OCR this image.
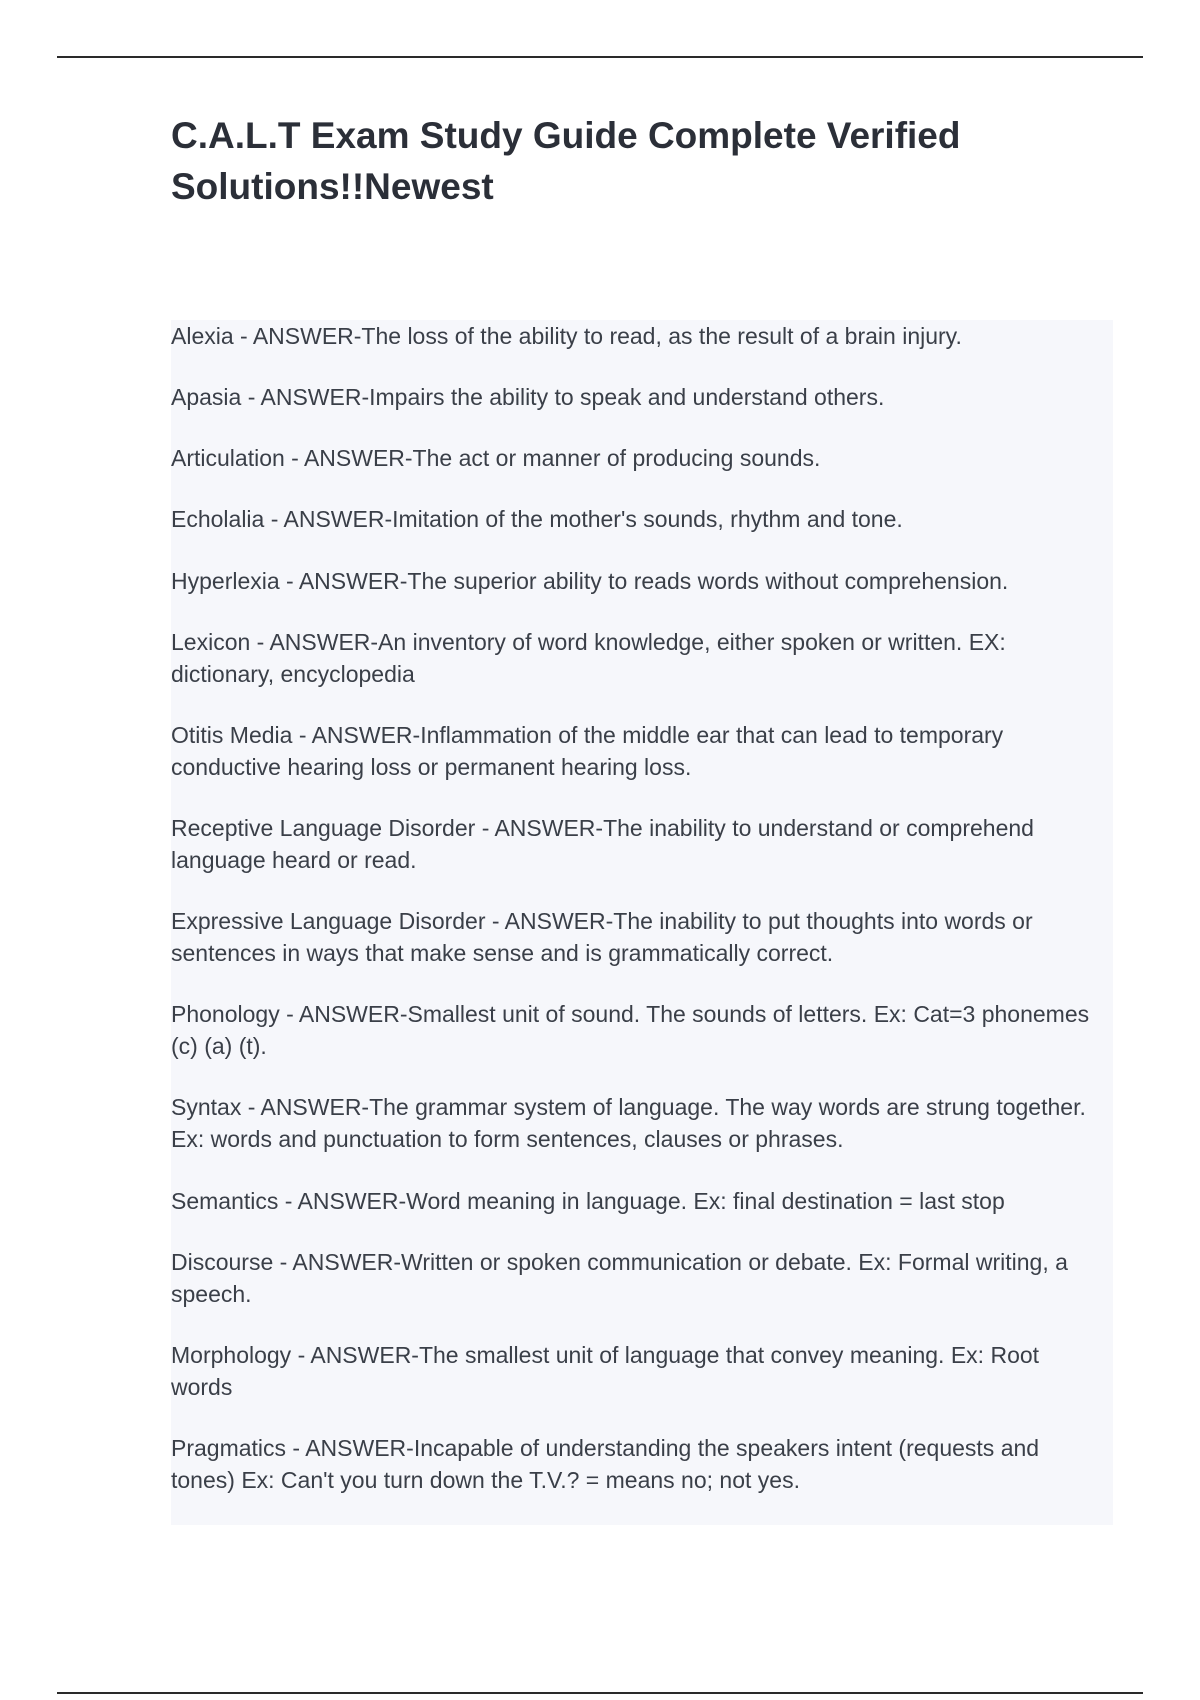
C.A.L.T Exam Study Guide Complete Verified Solutions!!Newest
Alexia - ANSWER-The loss of the ability to read, as the result of a brain injury.
Apasia - ANSWER-Impairs the ability to speak and understand others.
Articulation - ANSWER-The act or manner of producing sounds.
Echolalia - ANSWER-Imitation of the mother's sounds, rhythm and tone.
Hyperlexia - ANSWER-The superior ability to reads words without comprehension.
Lexicon - ANSWER-An inventory of word knowledge, either spoken or written. EX: dictionary, encyclopedia
Otitis Media - ANSWER-Inflammation of the middle ear that can lead to temporary conductive hearing loss or permanent hearing loss.
Receptive Language Disorder - ANSWER-The inability to understand or comprehend language heard or read.
Expressive Language Disorder - ANSWER-The inability to put thoughts into words or sentences in ways that make sense and is grammatically correct.
Phonology - ANSWER-Smallest unit of sound. The sounds of letters. Ex: Cat=3 phonemes (c) (a) (t).
Syntax - ANSWER-The grammar system of language. The way words are strung together. Ex: words and punctuation to form sentences, clauses or phrases.
Semantics - ANSWER-Word meaning in language. Ex: final destination = last stop
Discourse - ANSWER-Written or spoken communication or debate. Ex: Formal writing, a speech.
Morphology - ANSWER-The smallest unit of language that convey meaning. Ex: Root words
Pragmatics - ANSWER-Incapable of understanding the speakers intent (requests and tones) Ex: Can't you turn down the T.V.? = means no; not yes.
